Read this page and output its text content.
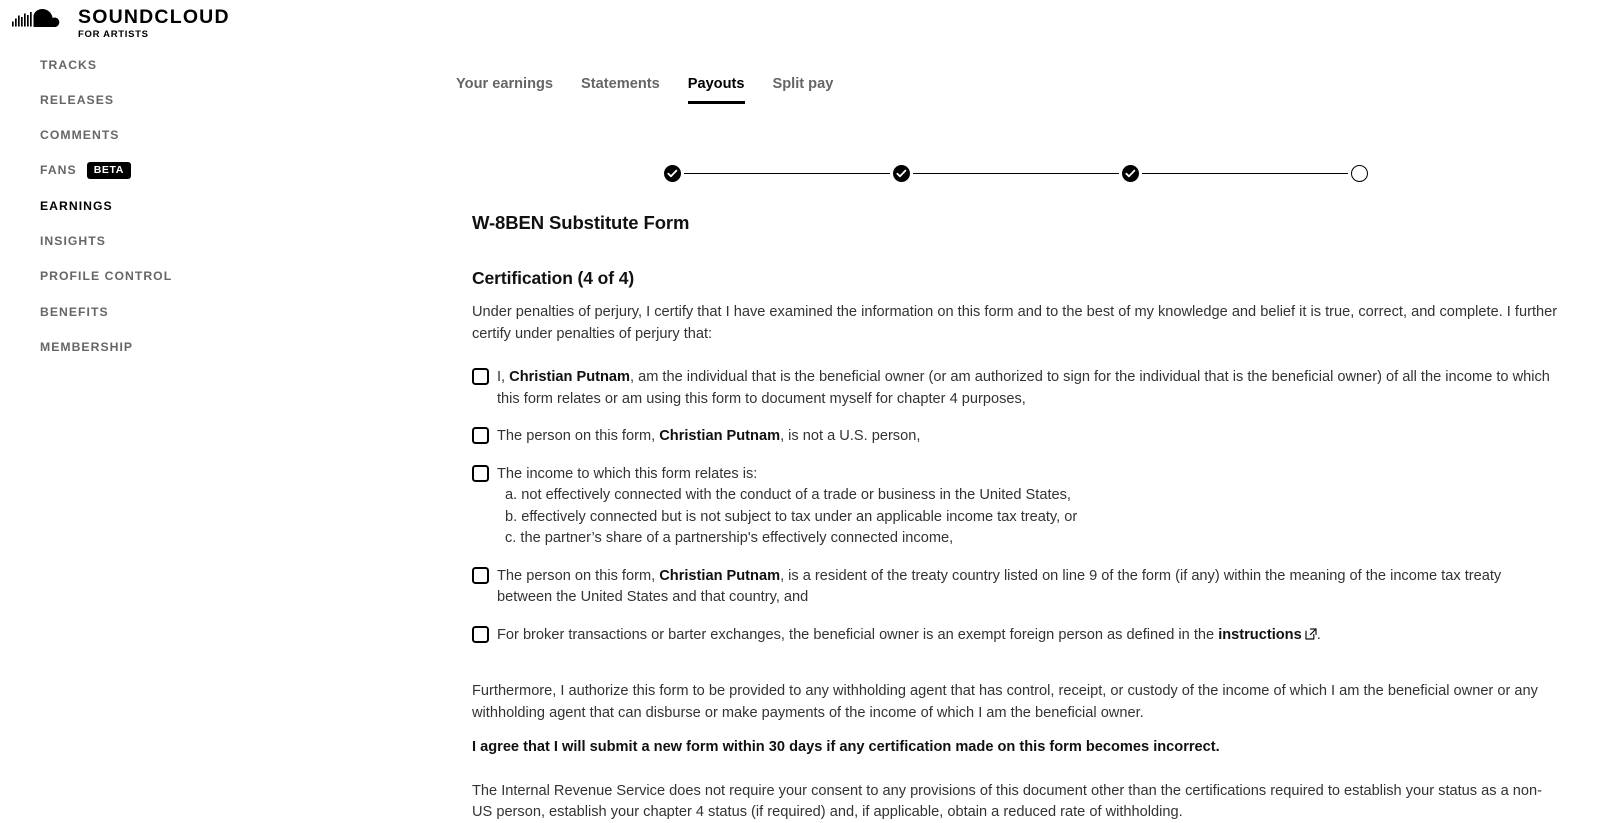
SOUNDCLOUD
FOR ARTISTS
TRACKS
RELEASES
COMMENTS
FANS	BETA
EARNINGS
INSIGHTS
PROFILE CONTROL
BENEFITS
MEMBERSHIP
Your earnings Statements Payouts Split pay
W-8BEN Substitute Form
Certification (4 of 4)

Under penalties of perjury, I certify that I have examined the information on this form and to the best of my knowledge and belief it is true, correct, and complete. I further certify under penalties of perjury that:

I, Christian Putnam, am the individual that is the beneficial owner (or am authorized to sign for the individual that is the beneficial owner) of all the income to which this form relates or am using this form to document myself for chapter 4 purposes,
The person on this form, Christian Putnam, is not a U.S. person,
The income to which this form relates is:
a. not effectively connected with the conduct of a trade or business in the United States,
b. effectively connected but is not subject to tax under an applicable income tax treaty, or
c. the partner’s share of a partnership's effectively connected income,
The person on this form, Christian Putnam, is a resident of the treaty country listed on line 9 of the form (if any) within the meaning of the income tax treaty between the United States and that country, and
For broker transactions or barter exchanges, the beneficial owner is an exempt foreign person as defined in the instructions .

Furthermore, I authorize this form to be provided to any withholding agent that has control, receipt, or custody of the income of which I am the beneficial owner or any withholding agent that can disburse or make payments of the income of which I am the beneficial owner.

I agree that I will submit a new form within 30 days if any certification made on this form becomes incorrect.

The Internal Revenue Service does not require your consent to any provisions of this document other than the certifications required to establish your status as a non-US person, establish your chapter 4 status (if required) and, if applicable, obtain a reduced rate of withholding.
